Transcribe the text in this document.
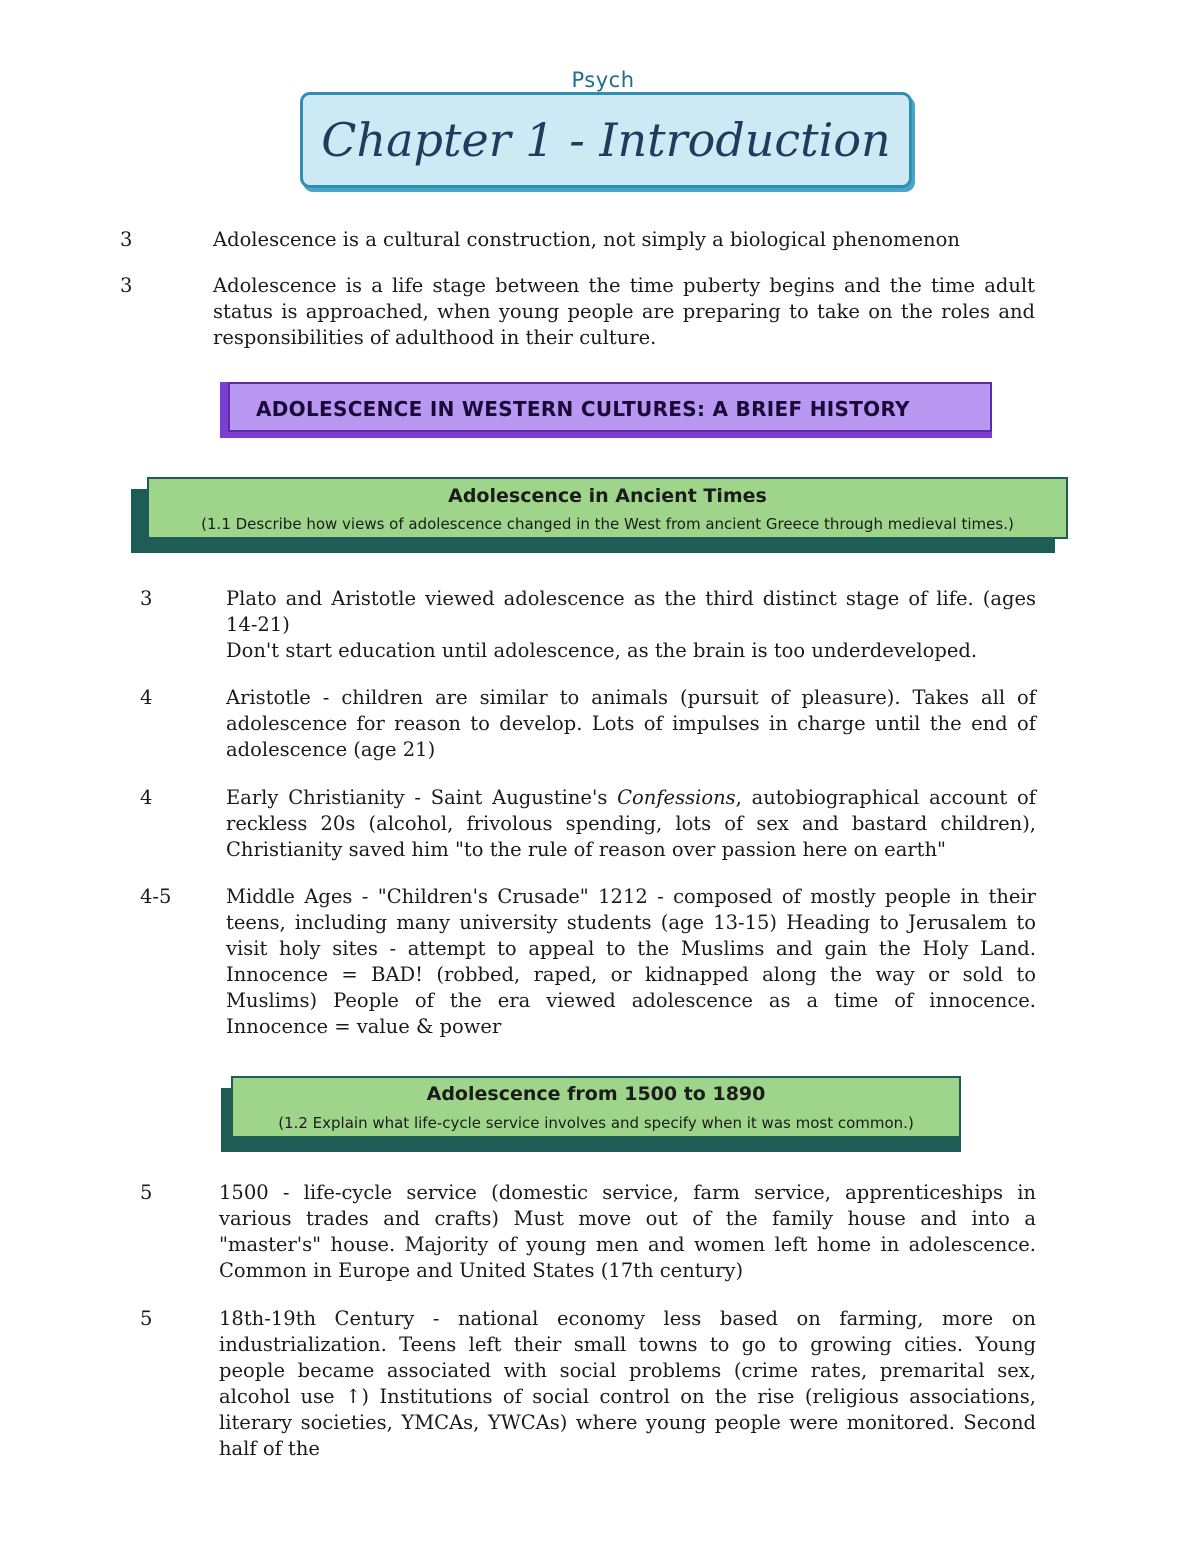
Psych
Chapter 1 - Introduction
3	Adolescence is a cultural construction, not simply a biological phenomenon
3	Adolescence is a life stage between the time puberty begins and the time adult status is approached, when young people are preparing to take on the roles and responsibilities of adulthood in their culture.
ADOLESCENCE IN WESTERN CULTURES: A BRIEF HISTORY
Adolescence in Ancient Times
(1.1 Describe how views of adolescence changed in the West from ancient Greece through medieval times.)
3	Plato and Aristotle viewed adolescence as the third distinct stage of life. (ages 14-21)
Don't start education until adolescence, as the brain is too underdeveloped.
4	Aristotle - children are similar to animals (pursuit of pleasure). Takes all of adolescence for reason to develop. Lots of impulses in charge until the end of adolescence (age 21)
4	Early Christianity - Saint Augustine's Confessions, autobiographical account of reckless 20s (alcohol, frivolous spending, lots of sex and bastard children), Christianity saved him "to the rule of reason over passion here on earth"
4-5	Middle Ages - "Children's Crusade" 1212 - composed of mostly people in their teens, including many university students (age 13-15) Heading to Jerusalem to visit holy sites - attempt to appeal to the Muslims and gain the Holy Land. Innocence = BAD! (robbed, raped, or kidnapped along the way or sold to Muslims) People of the era viewed adolescence as a time of innocence. Innocence = value & power
Adolescence from 1500 to 1890
(1.2 Explain what life-cycle service involves and specify when it was most common.)
5	1500 - life-cycle service (domestic service, farm service, apprenticeships in various trades and crafts) Must move out of the family house and into a "master's" house. Majority of young men and women left home in adolescence. Common in Europe and United States (17th century)
5	18th-19th Century - national economy less based on farming, more on industrialization. Teens left their small towns to go to growing cities. Young people became associated with social problems (crime rates, premarital sex, alcohol use ↑) Institutions of social control on the rise (religious associations, literary societies, YMCAs, YWCAs) where young people were monitored. Second half of the
